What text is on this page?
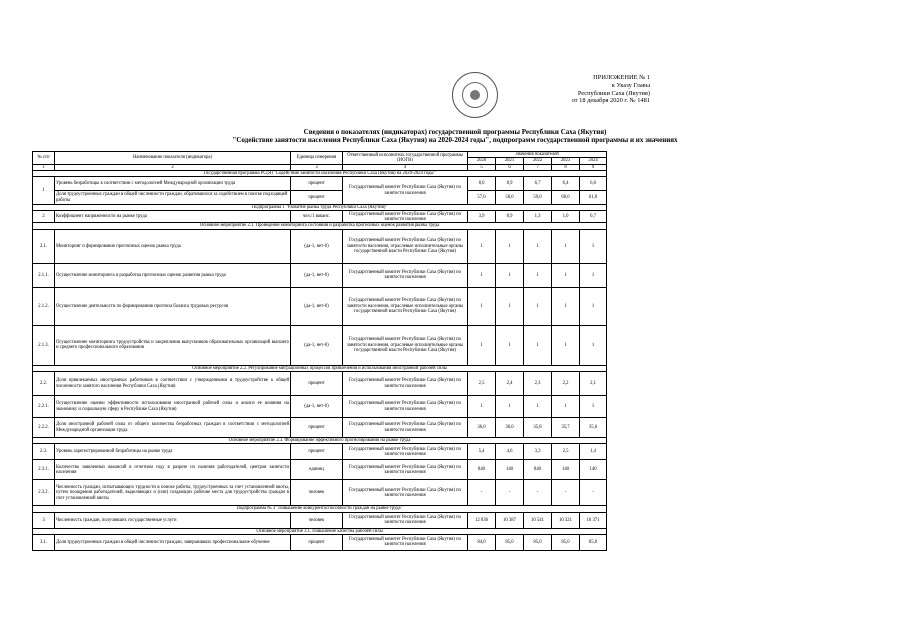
ПРИЛОЖЕНИЕ № 1
к Указу Главы
Республики Саха (Якутия)
от 18 декабря 2020 г. № 1481
Сведения о показателях (индикаторах) государственной программы Республики Саха (Якутия)
"Содействие занятости населения Республики Саха (Якутия) на 2020-2024 годы", подпрограмм государственной программы и их значениях
№ п/п	Наименование показателя (индикатора)	Единица измерения	Ответственный исполнитель государственной программы (ИОГВ)	Значения показателей				
				2020	2021	2022	2023	2024
1	2	3	4	5	6	7	8	9
Государственная программа РС(Я) "Содействие занятости населения Республики Саха (Якутия) на 2020-2024 годы"								
1	Уровень безработицы в соответствии с методологией Международной организации труда	процент	Государственный комитет Республики Саха (Якутия) по занятости населения	8,0	8,9	6,7	6,4	6,0
	Доля трудоустроенных граждан в общей численности граждан, обратившихся за содействием в поиске подходящей работы	процент		57,0	58,0	59,0	60,0	61,0
Подпрограмма 1 "Развитие рынка труда Республики Саха (Якутия)"								
2	Коэффициент напряженности на рынке труда	чел./1 ваканс.	Государственный комитет Республики Саха (Якутия) по занятости населения	3,9	8,9	1,3	1,0	0,7
Основное мероприятие 2.1. Проведение мониторинга состояния и разработка прогнозных оценок развития рынка труда								
2.1.	Мониторинг и формирование прогнозных оценок рынка труда	(да-1, нет-0)	Государственный комитет Республики Саха (Якутия) по занятости населения, отраслевые исполнительные органы государственной власти Республики Саха (Якутия)	1	1	1	1	1
2.1.1.	Осуществление мониторинга и разработка прогнозных оценок развития рынка труда	(да-1, нет-0)	Государственный комитет Республики Саха (Якутия) по занятости населения	1	1	1	1	1
2.1.2.	Осуществление деятельности по формированию прогноза баланса трудовых ресурсов	(да-1, нет-0)	Государственный комитет Республики Саха (Якутия) по занятости населения, отраслевые исполнительные органы государственной власти Республики Саха (Якутия)	1	1	1	1	1
2.1.3.	Осуществление мониторинга трудоустройства и закрепления выпускников образовательных организаций высшего и среднего профессионального образования	(да-1, нет-0)	Государственный комитет Республики Саха (Якутия) по занятости населения, отраслевые исполнительные органы государственной власти Республики Саха (Якутия)	1	1	1	1	1
Основное мероприятие 2.2. Регулирование миграционных процессов привлечения и использования иностранной рабочей силы								
2.2.	Доля привлекаемых иностранных работников в соответствии с утвержденными в трудоустройстве к общей численности занятого населения Республики Саха (Якутия)	процент	Государственный комитет Республики Саха (Якутия) по занятости населения	2,5	2,4	2,3	2,2	2,1
2.2.1.	Осуществление оценки эффективности использования иностранной рабочей силы и анализ ее влияния на экономику и социальную сферу в Республике Саха (Якутия)	(да-1, нет-0)	Государственный комитет Республики Саха (Якутия) по занятости населения	1	1	1	1	1
2.2.2.	Доля иностранной рабочей силы от общего количества безработных граждан в соответствии с методологией Международной организации труда	процент	Государственный комитет Республики Саха (Якутия) по занятости населения	36,0	36,0	35,8	35,7	35,6
Основное мероприятие 2.3. Формирование эффективного прогнозирования на рынке труда								
2.3.	Уровень зарегистрированной безработицы на рынке труда	процент	Государственный комитет Республики Саха (Якутия) по занятости населения	5,4	4,6	3,3	2,5	1,4
2.3.1.	Количество заявленных вакансий в отчетном году в разрезе их наличия работодателей, центров занятости населения	единиц	Государственный комитет Республики Саха (Якутия) по занятости населения	840	140	840	140	140
2.3.2.	Численность граждан, испытывающих трудности в поиске работы, трудоустроенных за счет установленной квоты, путем поощрения работодателей, выделяющих и (или) создающих рабочие места для трудоустройства граждан в счет установленной квоты	человек	Государственный комитет Республики Саха (Якутия) по занятости населения	-	-	-	-	-
Подпрограмма № 3 "Повышение конкурентоспособности граждан на рынке труда"								
3	Численность граждан, получивших государственные услуги	человек	Государственный комитет Республики Саха (Якутия) по занятости населения	12 036	10 387	10 541	10 321	10 371
Основное мероприятие 3.1. Повышение качества рабочей силы								
3.1.	Доля трудоустроенных граждан в общей численности граждан, завершивших профессиональное обучение	процент	Государственный комитет Республики Саха (Якутия) по занятости населения	84,0	85,0	85,0	85,0	85,0
